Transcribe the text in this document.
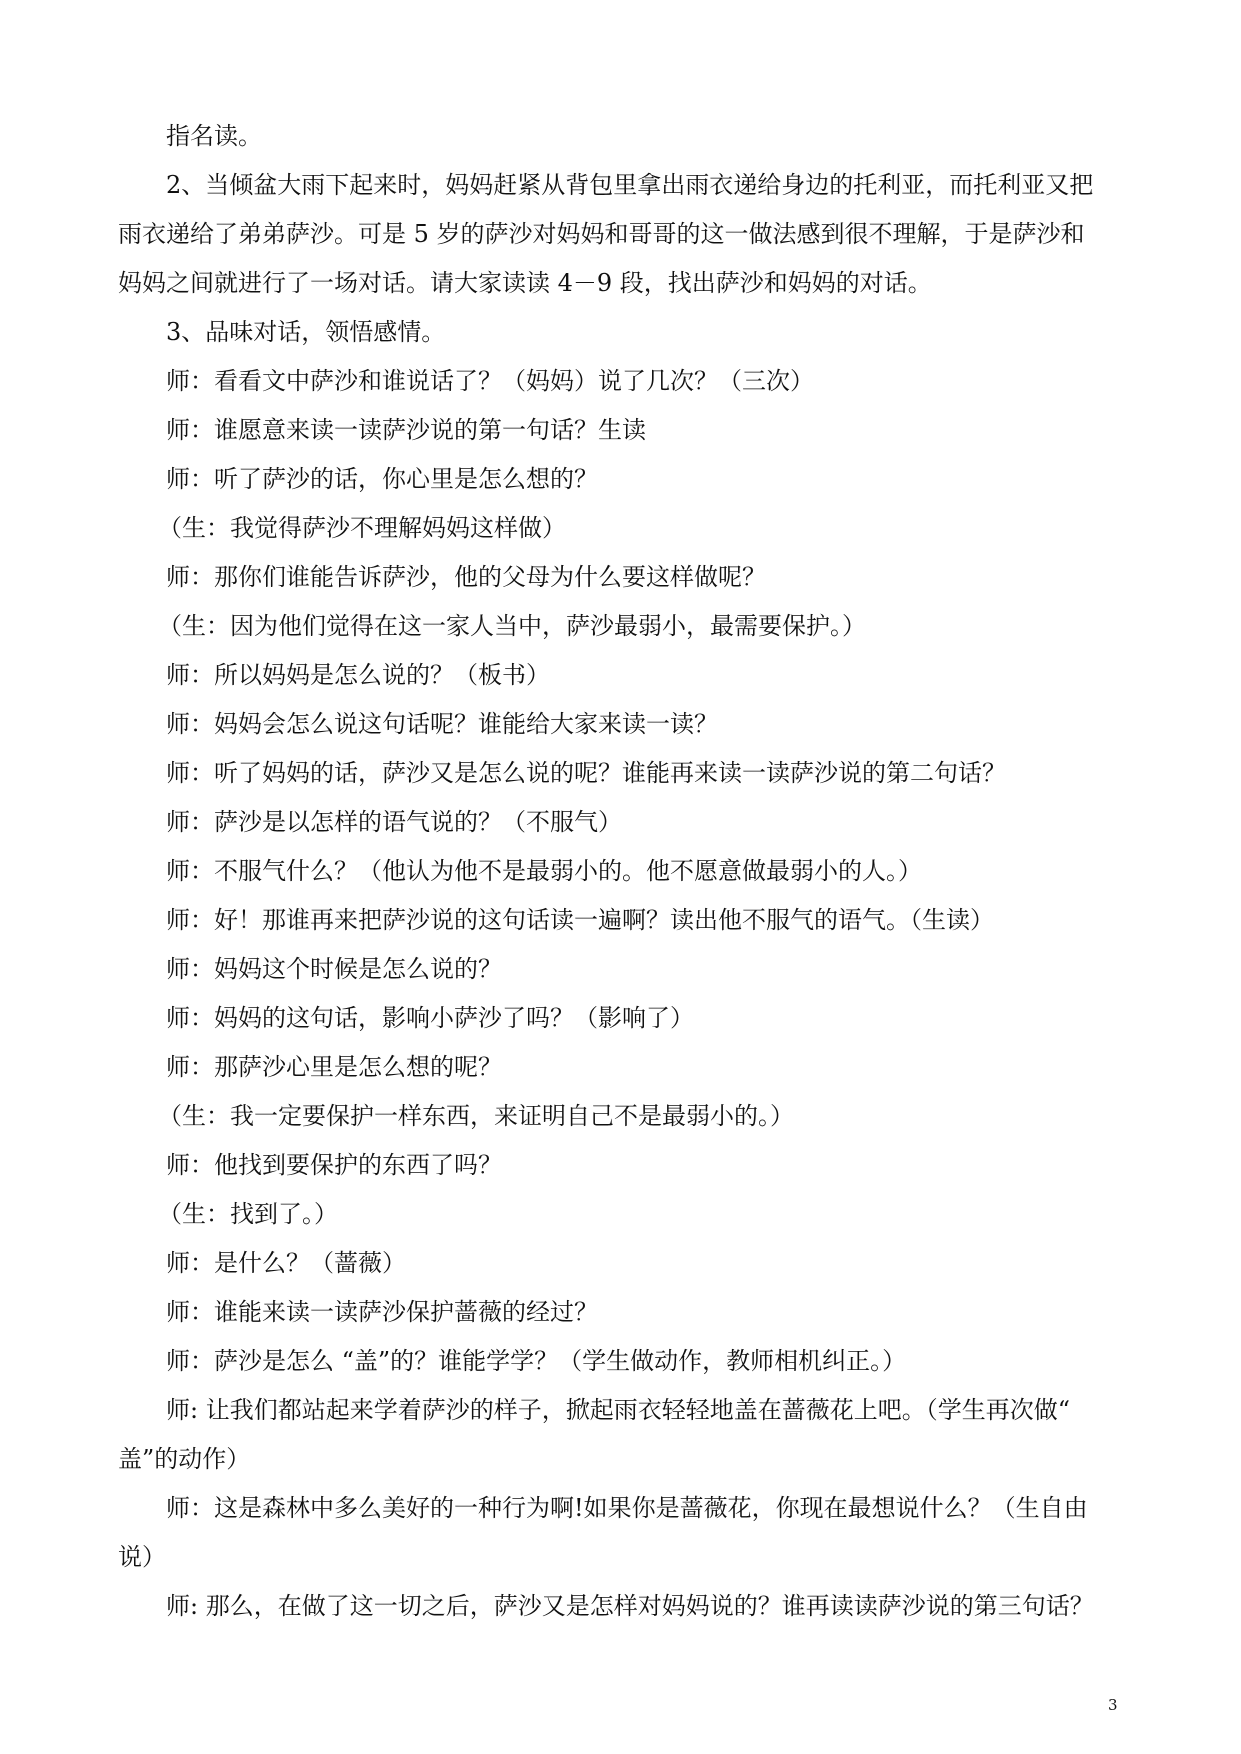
指名读。
2、当倾盆大雨下起来时，妈妈赶紧从背包里拿出雨衣递给身边的托利亚，而托利亚又把
雨衣递给了弟弟萨沙。可是 5 岁的萨沙对妈妈和哥哥的这一做法感到很不理解，于是萨沙和
妈妈之间就进行了一场对话。请大家读读 4－9 段，找出萨沙和妈妈的对话。
3、品味对话，领悟感情。
师：看看文中萨沙和谁说话了？（妈妈）说了几次？（三次）
师：谁愿意来读一读萨沙说的第一句话？生读
师：听了萨沙的话，你心里是怎么想的？
（生：我觉得萨沙不理解妈妈这样做）
师：那你们谁能告诉萨沙，他的父母为什么要这样做呢？
（生：因为他们觉得在这一家人当中，萨沙最弱小，最需要保护。）
师：所以妈妈是怎么说的？（板书）
师：妈妈会怎么说这句话呢？谁能给大家来读一读？
师：听了妈妈的话，萨沙又是怎么说的呢？谁能再来读一读萨沙说的第二句话？
师：萨沙是以怎样的语气说的？（不服气）
师：不服气什么？（他认为他不是最弱小的。他不愿意做最弱小的人。）
师：好！那谁再来把萨沙说的这句话读一遍啊？读出他不服气的语气。（生读）
师：妈妈这个时候是怎么说的？
师：妈妈的这句话，影响小萨沙了吗？（影响了）
师：那萨沙心里是怎么想的呢？
（生：我一定要保护一样东西，来证明自己不是最弱小的。）
师：他找到要保护的东西了吗？
（生：找到了。）
师：是什么？（蔷薇）
师：谁能来读一读萨沙保护蔷薇的经过？
师：萨沙是怎么 “盖”的？谁能学学？（学生做动作，教师相机纠正。）
师: 让我们都站起来学着萨沙的样子，掀起雨衣轻轻地盖在蔷薇花上吧。（学生再次做“
盖”的动作）
师：这是森林中多么美好的一种行为啊!如果你是蔷薇花，你现在最想说什么？（生自由
说）
师: 那么，在做了这一切之后，萨沙又是怎样对妈妈说的？谁再读读萨沙说的第三句话？
3
